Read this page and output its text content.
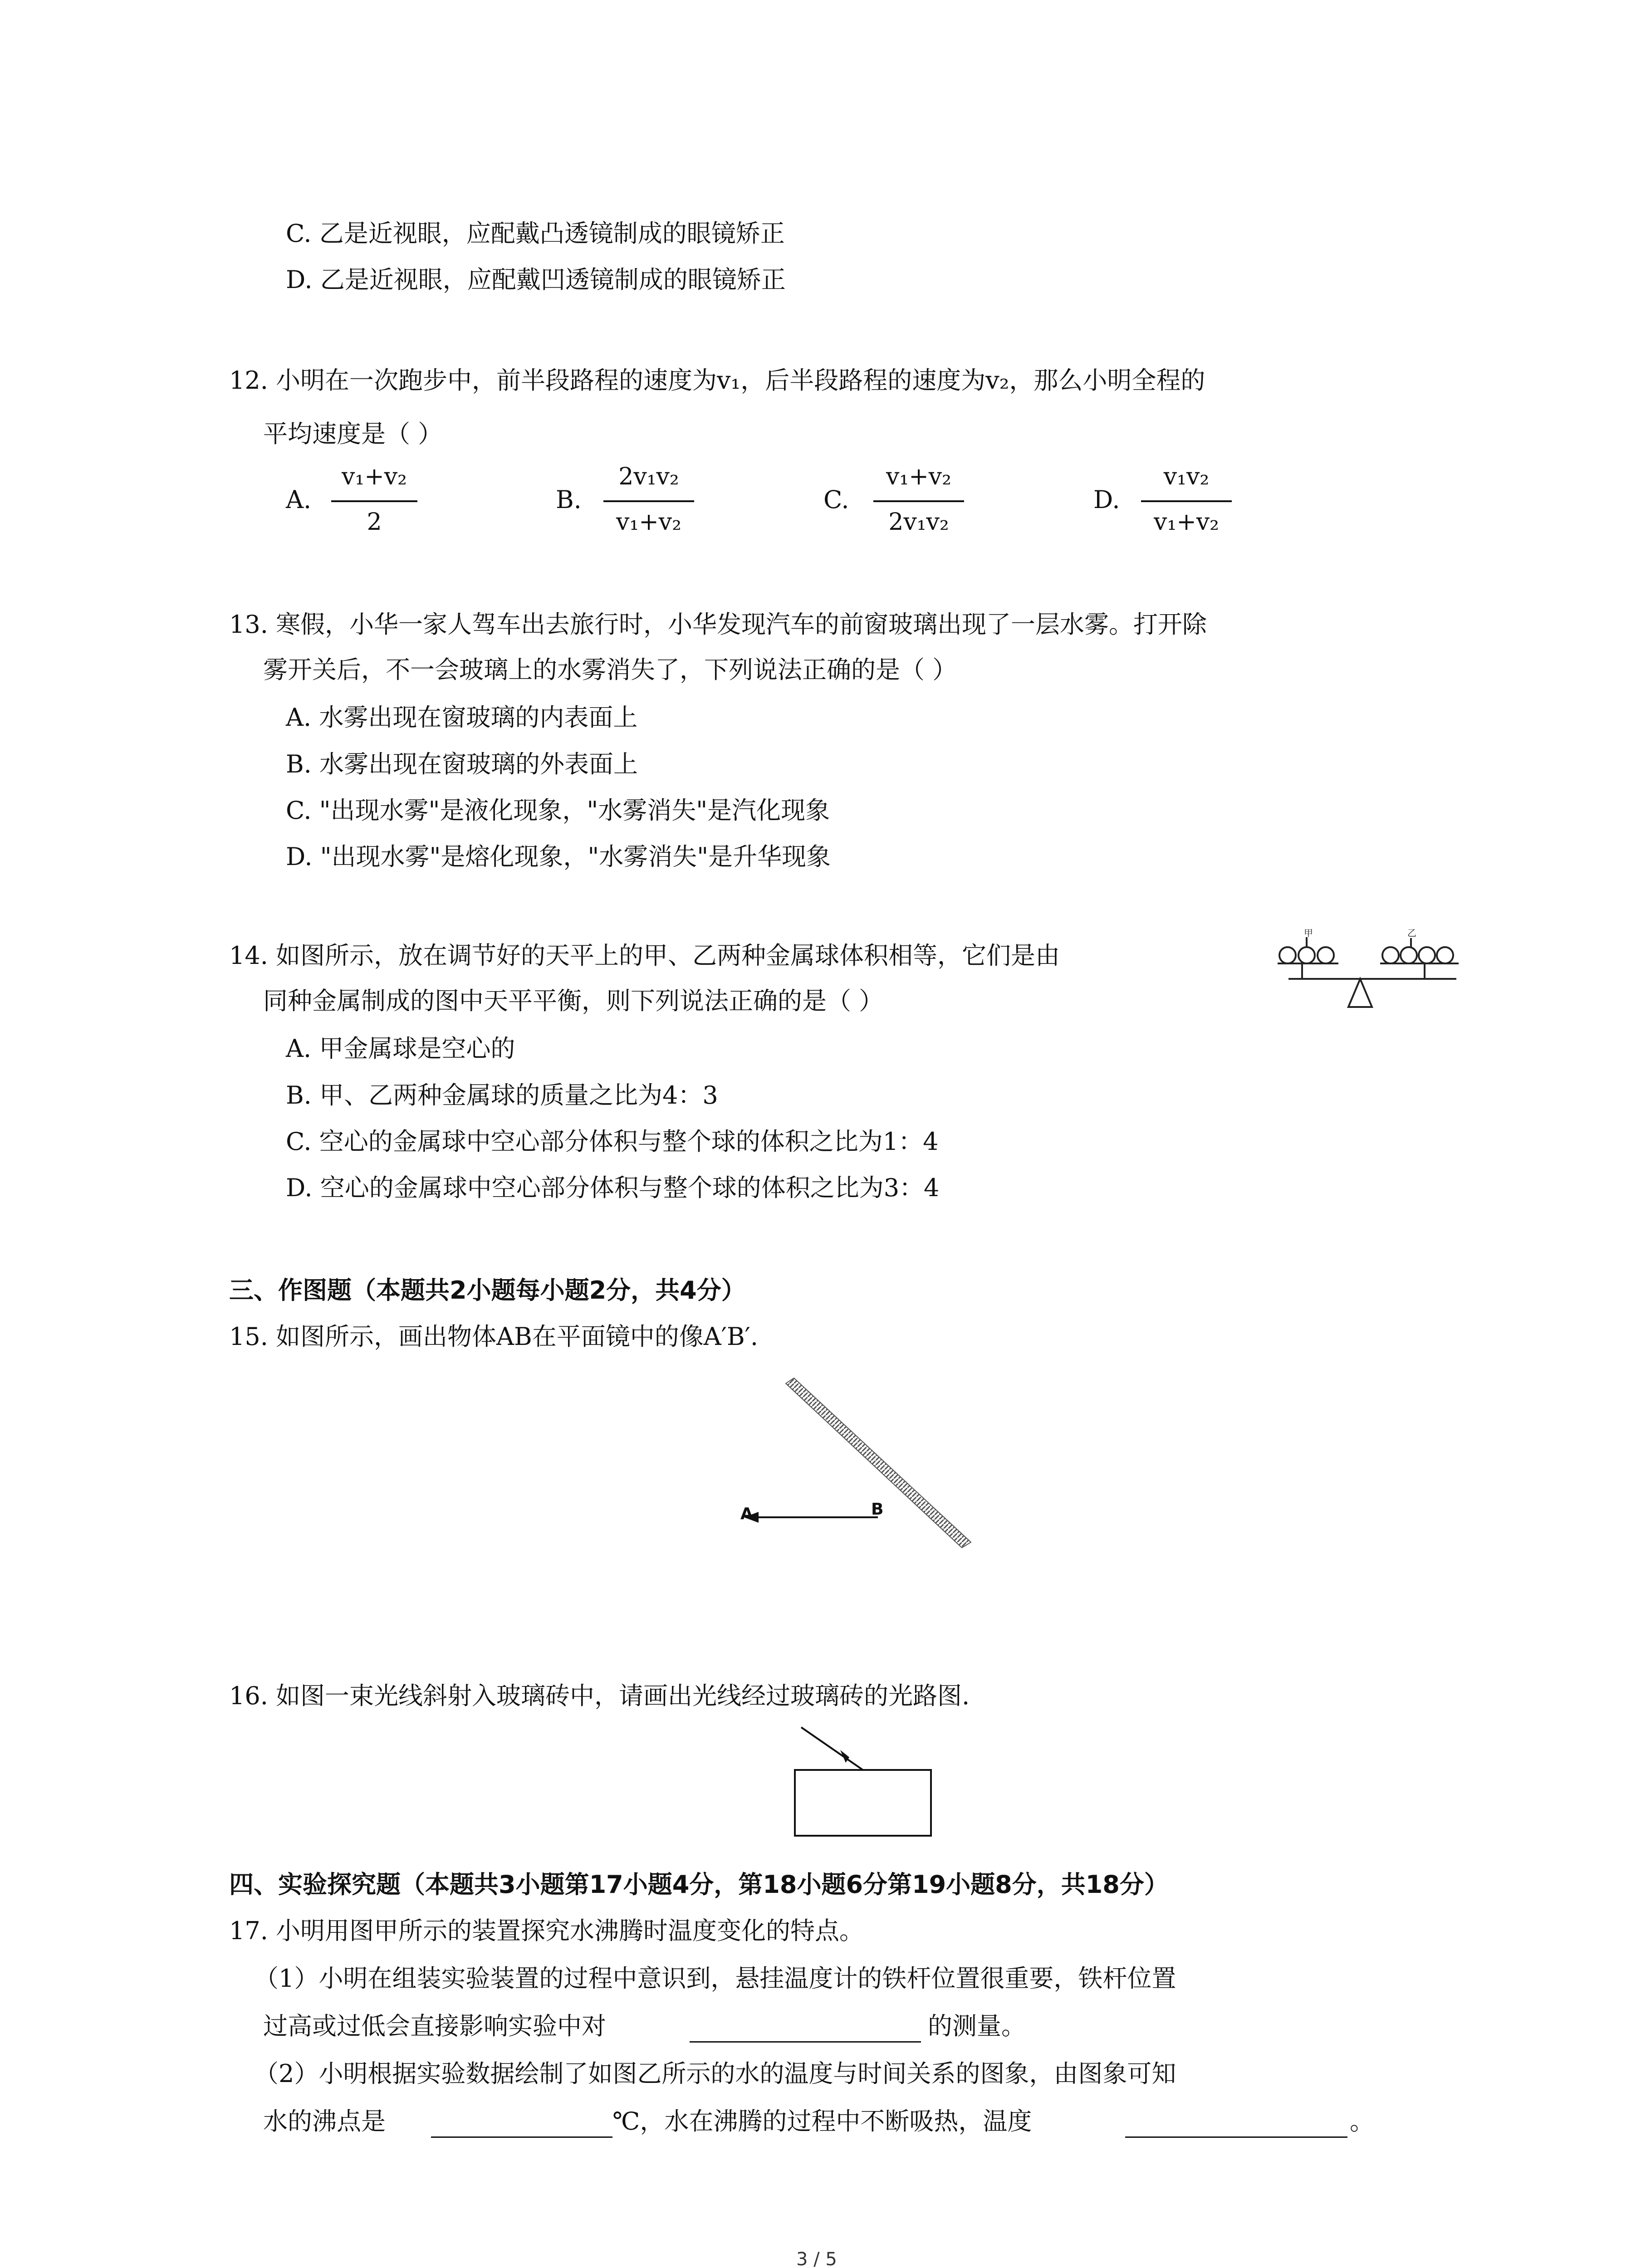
C. 乙是近视眼，应配戴凸透镜制成的眼镜矫正
D. 乙是近视眼，应配戴凹透镜制成的眼镜矫正
12. 小明在一次跑步中，前半段路程的速度为v₁，后半段路程的速度为v₂，那么小明全程的
平均速度是（ ）
A.
v₁+v₂
2
B.
2v₁v₂
v₁+v₂
C.
v₁+v₂
2v₁v₂
D.
v₁v₂
v₁+v₂
13. 寒假，小华一家人驾车出去旅行时，小华发现汽车的前窗玻璃出现了一层水雾。打开除
雾开关后，不一会玻璃上的水雾消失了，下列说法正确的是（ ）
A. 水雾出现在窗玻璃的内表面上
B. 水雾出现在窗玻璃的外表面上
C. "出现水雾"是液化现象，"水雾消失"是汽化现象
D. "出现水雾"是熔化现象，"水雾消失"是升华现象
14. 如图所示，放在调节好的天平上的甲、乙两种金属球体积相等，它们是由
同种金属制成的图中天平平衡，则下列说法正确的是（ ）
A. 甲金属球是空心的
B. 甲、乙两种金属球的质量之比为4：3
C. 空心的金属球中空心部分体积与整个球的体积之比为1：4
D. 空心的金属球中空心部分体积与整个球的体积之比为3：4
甲	乙
三、作图题（本题共2小题每小题2分，共4分）
15. 如图所示，画出物体AB在平面镜中的像A′B′.
A	B
16. 如图一束光线斜射入玻璃砖中，请画出光线经过玻璃砖的光路图.
四、实验探究题（本题共3小题第17小题4分，第18小题6分第19小题8分，共18分）
17. 小明用图甲所示的装置探究水沸腾时温度变化的特点。
（1）小明在组装实验装置的过程中意识到，悬挂温度计的铁杆位置很重要，铁杆位置
过高或过低会直接影响实验中对	的测量。
（2）小明根据实验数据绘制了如图乙所示的水的温度与时间关系的图象，由图象可知
水的沸点是	℃，水在沸腾的过程中不断吸热，温度	。
3 / 5
